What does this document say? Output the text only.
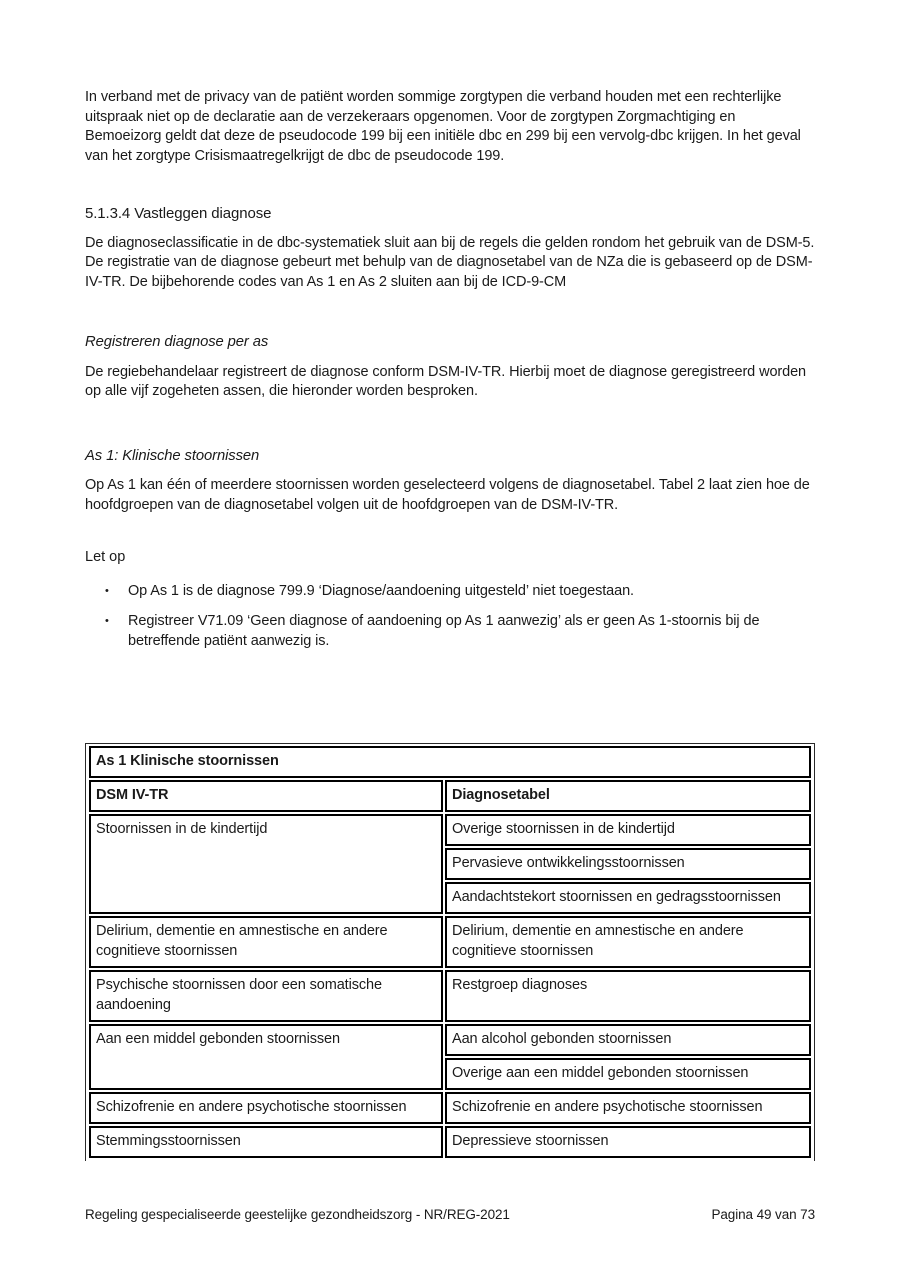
In verband met de privacy van de patiënt worden sommige zorgtypen die verband houden met een rechterlijke uitspraak niet op de declaratie aan de verzekeraars opgenomen. Voor de zorgtypen Zorgmachtiging en Bemoeizorg geldt dat deze de pseudocode 199 bij een initiële dbc en 299 bij een vervolg-dbc krijgen. In het geval van het zorgtype Crisismaatregelkrijgt de dbc de pseudocode 199.

5.1.3.4 Vastleggen diagnose

De diagnoseclassificatie in de dbc-systematiek sluit aan bij de regels die gelden rondom het gebruik van de DSM-5. De registratie van de diagnose gebeurt met behulp van de diagnosetabel van de NZa die is gebaseerd op de DSM-IV-TR. De bijbehorende codes van As 1 en As 2 sluiten aan bij de ICD-9-CM

Registreren diagnose per as

De regiebehandelaar registreert de diagnose conform DSM-IV-TR. Hierbij moet de diagnose geregistreerd worden op alle vijf zogeheten assen, die hieronder worden besproken.

As 1: Klinische stoornissen

Op As 1 kan één of meerdere stoornissen worden geselecteerd volgens de diagnosetabel. Tabel 2 laat zien hoe de hoofdgroepen van de diagnosetabel volgen uit de hoofdgroepen van de DSM-IV-TR.

Let op
•	Op As 1 is de diagnose 799.9 ‘Diagnose/aandoening uitgesteld’ niet toegestaan.
•	Registreer V71.09 ‘Geen diagnose of aandoening op As 1 aanwezig’ als er geen As 1-stoornis bij de betreffende patiënt aanwezig is.
As 1 Klinische stoornissen	
DSM IV-TR	Diagnosetabel
Stoornissen in de kindertijd	Overige stoornissen in de kindertijd
	Pervasieve ontwikkelingsstoornissen
	Aandachtstekort stoornissen en gedragsstoornissen
Delirium, dementie en amnestische en andere cognitieve stoornissen	Delirium, dementie en amnestische en andere cognitieve stoornissen
Psychische stoornissen door een somatische aandoening	Restgroep diagnoses
Aan een middel gebonden stoornissen	Aan alcohol gebonden stoornissen
	Overige aan een middel gebonden stoornissen
Schizofrenie en andere psychotische stoornissen	Schizofrenie en andere psychotische stoornissen
Stemmingsstoornissen	Depressieve stoornissen
Regeling gespecialiseerde geestelijke gezondheidszorg - NR/REG-2021	Pagina 49 van 73
